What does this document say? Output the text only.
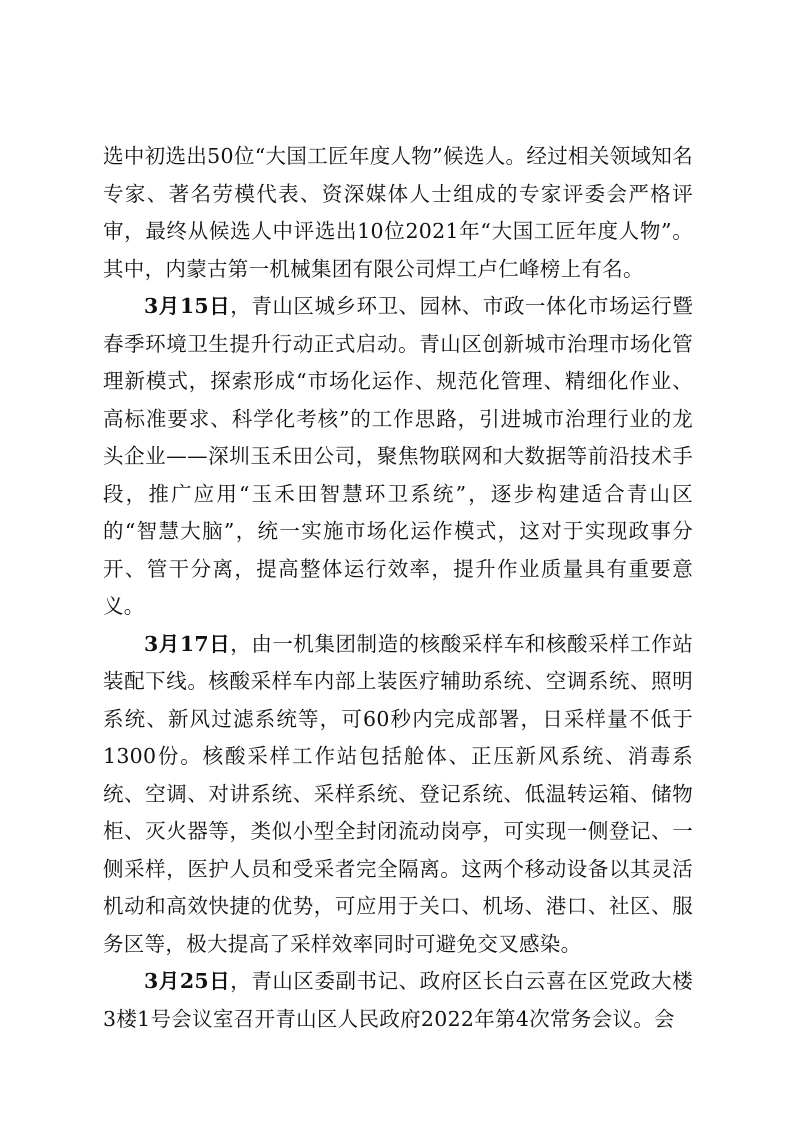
选中初选出50位“大国工匠年度人物”候选人。经过相关领域知名专家、著名劳模代表、资深媒体人士组成的专家评委会严格评审，最终从候选人中评选出10位2021年“大国工匠年度人物”。其中，内蒙古第一机械集团有限公司焊工卢仁峰榜上有名。

3月15日，青山区城乡环卫、园林、市政一体化市场运行暨春季环境卫生提升行动正式启动。青山区创新城市治理市场化管理新模式，探索形成“市场化运作、规范化管理、精细化作业、高标准要求、科学化考核”的工作思路，引进城市治理行业的龙头企业——深圳玉禾田公司，聚焦物联网和大数据等前沿技术手段，推广应用“玉禾田智慧环卫系统”，逐步构建适合青山区的“智慧大脑”，统一实施市场化运作模式，这对于实现政事分开、管干分离，提高整体运行效率，提升作业质量具有重要意义。

3月17日，由一机集团制造的核酸采样车和核酸采样工作站装配下线。核酸采样车内部上装医疗辅助系统、空调系统、照明系统、新风过滤系统等，可60秒内完成部署，日采样量不低于1300份。核酸采样工作站包括舱体、正压新风系统、消毒系统、空调、对讲系统、采样系统、登记系统、低温转运箱、储物柜、灭火器等，类似小型全封闭流动岗亭，可实现一侧登记、一侧采样，医护人员和受采者完全隔离。这两个移动设备以其灵活机动和高效快捷的优势，可应用于关口、机场、港口、社区、服务区等，极大提高了采样效率同时可避免交叉感染。

3月25日，青山区委副书记、政府区长白云喜在区党政大楼3楼1号会议室召开青山区人民政府2022年第4次常务会议。会
